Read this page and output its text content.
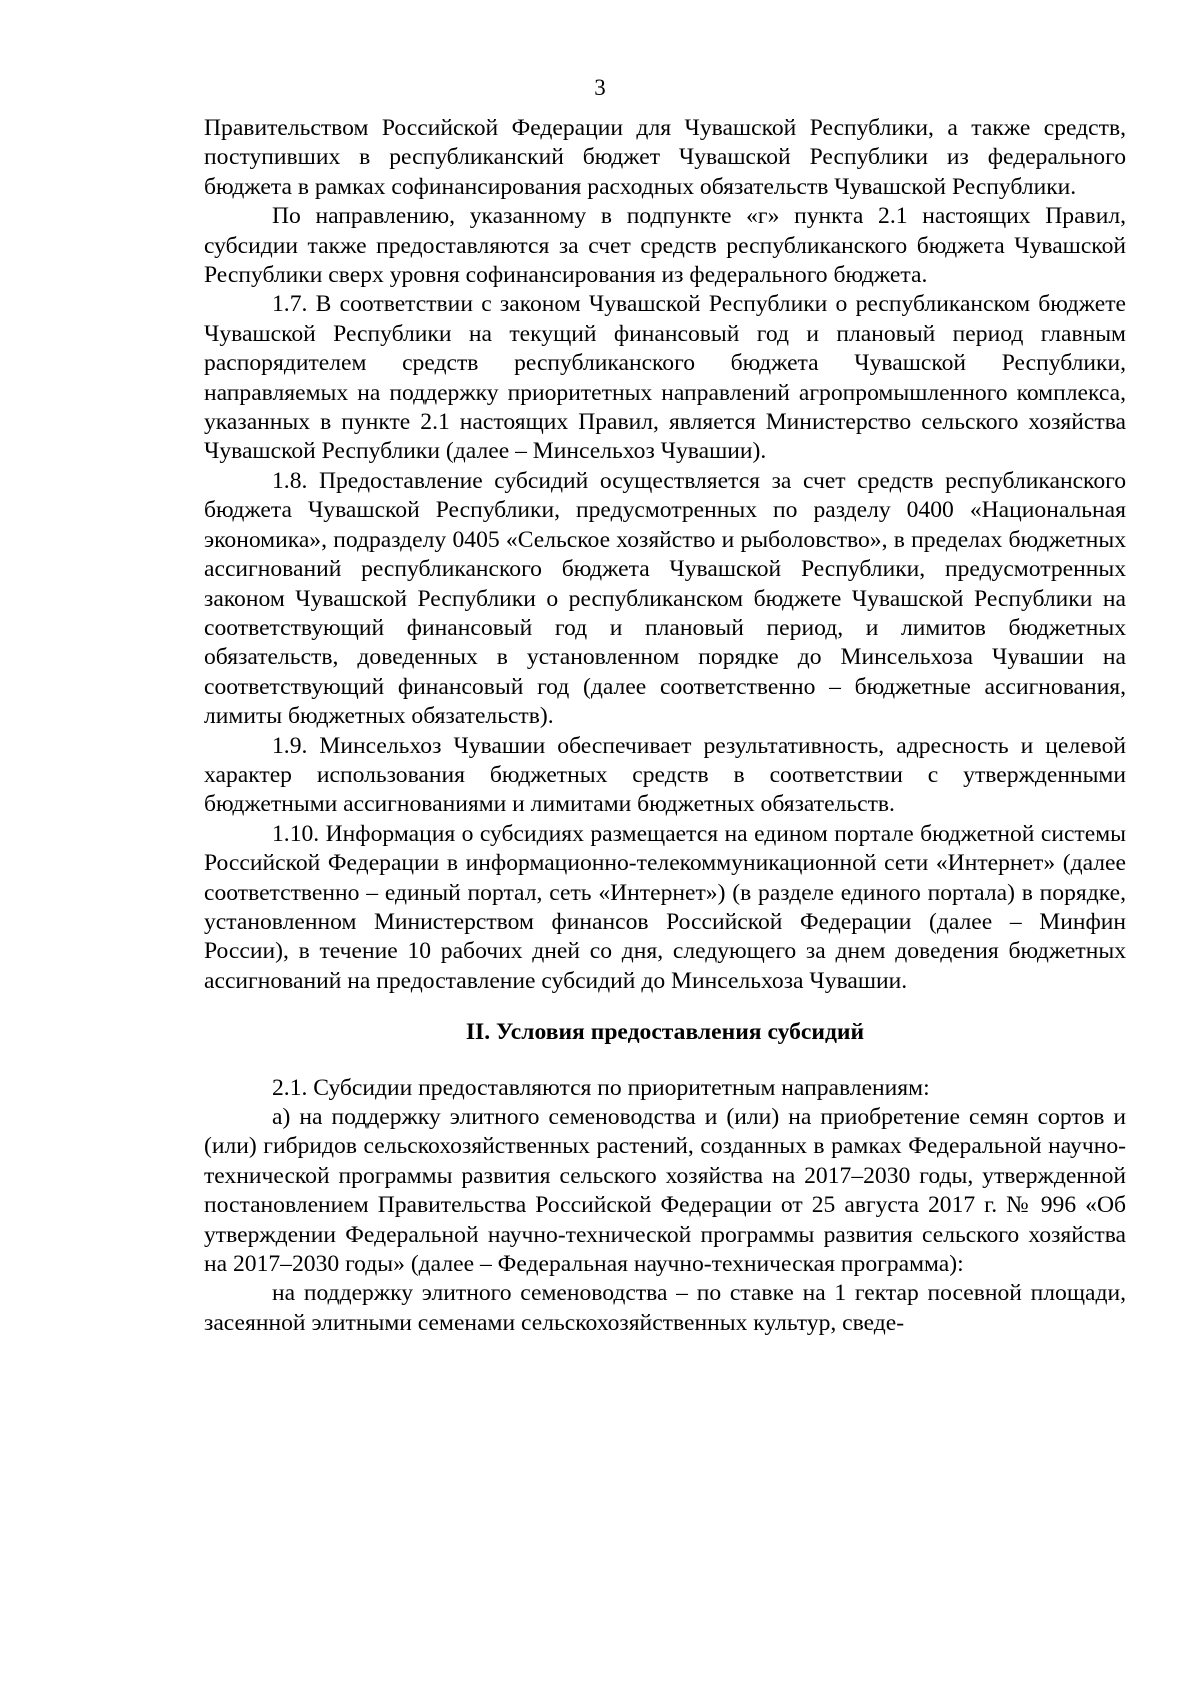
3

Правительством Российской Федерации для Чувашской Республики, а также средств, поступивших в республиканский бюджет Чувашской Республики из федерального бюджета в рамках софинансирования расходных обязательств Чувашской Республики.

По направлению, указанному в подпункте «г» пункта 2.1 настоящих Правил, субсидии также предоставляются за счет средств республиканского бюджета Чувашской Республики сверх уровня софинансирования из федерального бюджета.

1.7. В соответствии с законом Чувашской Республики о республиканском бюджете Чувашской Республики на текущий финансовый год и плановый период главным распорядителем средств республиканского бюджета Чувашской Республики, направляемых на поддержку приоритетных направлений агропромышленного комплекса, указанных в пункте 2.1 настоящих Правил, является Министерство сельского хозяйства Чувашской Республики (далее – Минсельхоз Чувашии).

1.8. Предоставление субсидий осуществляется за счет средств республиканского бюджета Чувашской Республики, предусмотренных по разделу 0400 «Национальная экономика», подразделу 0405 «Сельское хозяйство и рыболовство», в пределах бюджетных ассигнований республиканского бюджета Чувашской Республики, предусмотренных законом Чувашской Республики о республиканском бюджете Чувашской Республики на соответствующий финансовый год и плановый период, и лимитов бюджетных обязательств, доведенных в установленном порядке до Минсельхоза Чувашии на соответствующий финансовый год (далее соответственно – бюджетные ассигнования, лимиты бюджетных обязательств).

1.9. Минсельхоз Чувашии обеспечивает результативность, адресность и целевой характер использования бюджетных средств в соответствии с утвержденными бюджетными ассигнованиями и лимитами бюджетных обязательств.

1.10. Информация о субсидиях размещается на едином портале бюджетной системы Российской Федерации в информационно-телекоммуникационной сети «Интернет» (далее соответственно – единый портал, сеть «Интернет») (в разделе единого портала) в порядке, установленном Министерством финансов Российской Федерации (далее – Минфин России), в течение 10 рабочих дней со дня, следующего за днем доведения бюджетных ассигнований на предоставление субсидий до Минсельхоза Чувашии.

II. Условия предоставления субсидий

2.1. Субсидии предоставляются по приоритетным направлениям:

а) на поддержку элитного семеноводства и (или) на приобретение семян сортов и (или) гибридов сельскохозяйственных растений, созданных в рамках Федеральной научно-технической программы развития сельского хозяйства на 2017–2030 годы, утвержденной постановлением Правительства Российской Федерации от 25 августа 2017 г. № 996 «Об утверждении Федеральной научно-технической программы развития сельского хозяйства на 2017–2030 годы» (далее – Федеральная научно-техническая программа):

на поддержку элитного семеноводства – по ставке на 1 гектар посевной площади, засеянной элитными семенами сельскохозяйственных культур, сведе-
